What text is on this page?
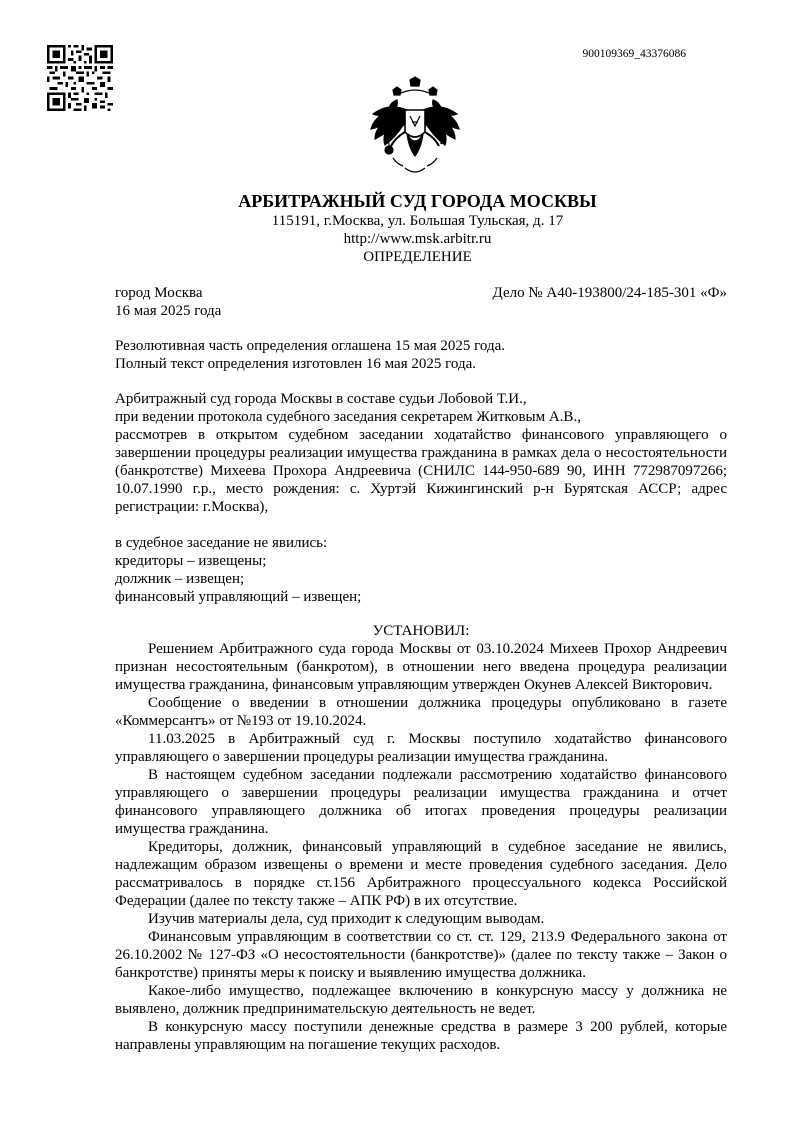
900109369_43376086
АРБИТРАЖНЫЙ СУД ГОРОДА МОСКВЫ
115191, г.Москва, ул. Большая Тульская, д. 17
http://www.msk.arbitr.ru
ОПРЕДЕЛЕНИЕ
город Москва
16 мая 2025 года
Дело № А40-193800/24-185-301 «Ф»

Резолютивная часть определения оглашена 15 мая 2025 года.

Полный текст определения изготовлен 16 мая 2025 года.

Арбитражный суд города Москвы в составе судьи Лобовой Т.И.,

при ведении протокола судебного заседания секретарем Житковым А.В.,

рассмотрев в открытом судебном заседании ходатайство финансового управляющего о завершении процедуры реализации имущества гражданина в рамках дела о несостоятельности (банкротстве) Михеева Прохора Андреевича (СНИЛС 144-950-689 90, ИНН 772987097266; 10.07.1990 г.р., место рождения: с. Хуртэй Кижингинский р-н Бурятская АССР; адрес регистрации: г.Москва),

в судебное заседание не явились:

кредиторы – извещены;

должник – извещен;

финансовый управляющий – извещен;

УСТАНОВИЛ:

Решением Арбитражного суда города Москвы от 03.10.2024 Михеев Прохор Андреевич признан несостоятельным (банкротом), в отношении него введена процедура реализации имущества гражданина, финансовым управляющим утвержден Окунев Алексей Викторович.

Сообщение о введении в отношении должника процедуры опубликовано в газете «Коммерсантъ» от №193 от 19.10.2024.

11.03.2025 в Арбитражный суд г. Москвы поступило ходатайство финансового управляющего о завершении процедуры реализации имущества гражданина.

В настоящем судебном заседании подлежали рассмотрению ходатайство финансового управляющего о завершении процедуры реализации имущества гражданина и отчет финансового управляющего должника об итогах проведения процедуры реализации имущества гражданина.

Кредиторы, должник, финансовый управляющий в судебное заседание не явились, надлежащим образом извещены о времени и месте проведения судебного заседания. Дело рассматривалось в порядке ст.156 Арбитражного процессуального кодекса Российской Федерации (далее по тексту также – АПК РФ) в их отсутствие.

Изучив материалы дела, суд приходит к следующим выводам.

Финансовым управляющим в соответствии со ст. ст. 129, 213.9 Федерального закона от 26.10.2002 № 127-ФЗ «О несостоятельности (банкротстве)» (далее по тексту также – Закон о банкротстве) приняты меры к поиску и выявлению имущества должника.

Какое-либо имущество, подлежащее включению в конкурсную массу у должника не выявлено, должник предпринимательскую деятельность не ведет.

В конкурсную массу поступили денежные средства в размере 3 200 рублей, которые направлены управляющим на погашение текущих расходов.
